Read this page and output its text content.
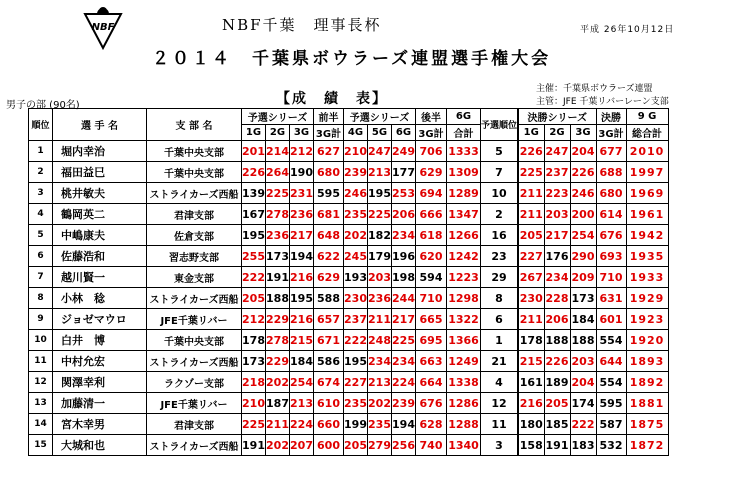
NBF	NBF千葉　理事長杯	平成 26年10月12日
２０１４　千葉県ボウラーズ連盟選手権大会
主催：千葉県ボウラーズ連盟
主管：JFE 千葉リバーレーン支部
男子の部 (90名)	【成　績　表】
順位	選 手 名	支 部 名	予選シリーズ			前半	予選シリーズ			後半	6G	予選順位	決勝シリーズ			決勝	9 G
			1G	2G	3G	3G計	4G	5G	6G	3G計	合計		1G	2G	3G	3G計	総合計
1	堀内幸治	千葉中央支部	201	214	212	627	210	247	249	706	1333	5	226	247	204	677	2010
2	福田益巳	千葉中央支部	226	264	190	680	239	213	177	629	1309	7	225	237	226	688	1997
3	桃井敏夫	ストライカーズ西船	139	225	231	595	246	195	253	694	1289	10	211	223	246	680	1969
4	鶴岡英二	君津支部	167	278	236	681	235	225	206	666	1347	2	211	203	200	614	1961
5	中嶋康夫	佐倉支部	195	236	217	648	202	182	234	618	1266	16	205	217	254	676	1942
6	佐藤浩和	習志野支部	255	173	194	622	245	179	196	620	1242	23	227	176	290	693	1935
7	越川賢一	東金支部	222	191	216	629	193	203	198	594	1223	29	267	234	209	710	1933
8	小林　稔	ストライカーズ西船	205	188	195	588	230	236	244	710	1298	8	230	228	173	631	1929
9	ジョゼマウロ	JFE千葉リバー	212	229	216	657	237	211	217	665	1322	6	211	206	184	601	1923
10	白井　博	千葉中央支部	178	278	215	671	222	248	225	695	1366	1	178	188	188	554	1920
11	中村允宏	ストライカーズ西船	173	229	184	586	195	234	234	663	1249	21	215	226	203	644	1893
12	関澤幸利	ラクゾー支部	218	202	254	674	227	213	224	664	1338	4	161	189	204	554	1892
13	加藤清一	JFE千葉リバー	210	187	213	610	235	202	239	676	1286	12	216	205	174	595	1881
14	宮木幸男	君津支部	225	211	224	660	199	235	194	628	1288	11	180	185	222	587	1875
15	大城和也	ストライカーズ西船	191	202	207	600	205	279	256	740	1340	3	158	191	183	532	1872
